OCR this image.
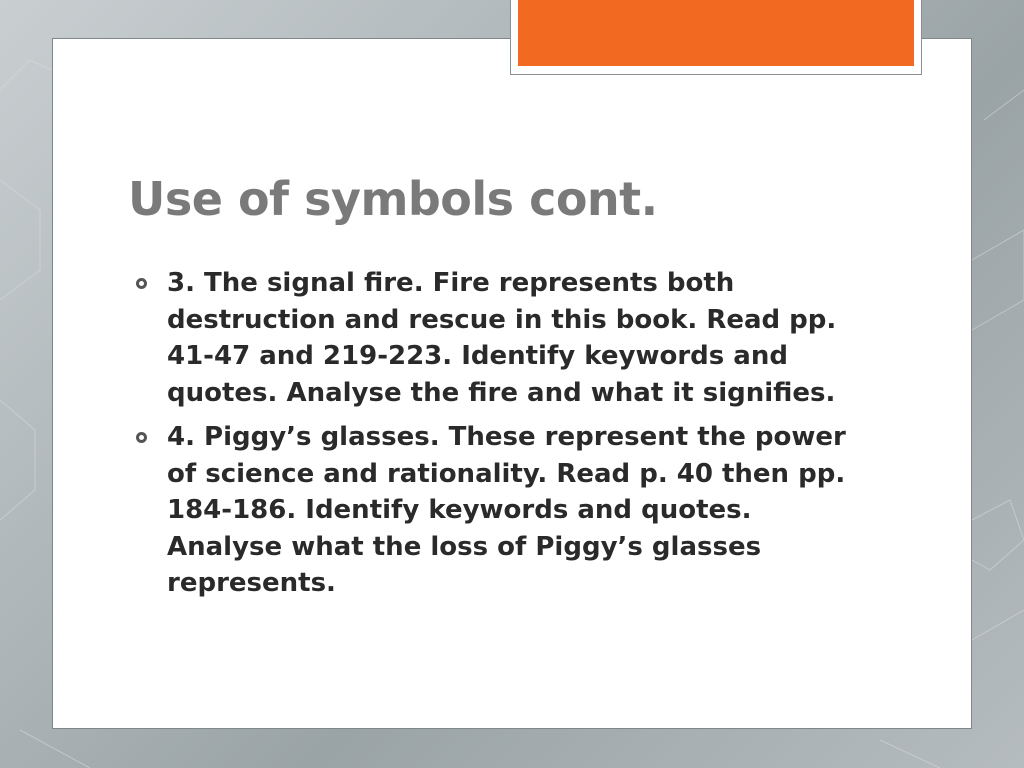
Use of symbols cont.
3. The signal fire. Fire represents both destruction and rescue in this book. Read pp. 41-47 and 219-223. Identify keywords and quotes. Analyse the fire and what it signifies.
4. Piggy’s glasses. These represent the power of science and rationality. Read p. 40 then pp. 184-186. Identify keywords and quotes. Analyse what the loss of Piggy’s glasses represents.
